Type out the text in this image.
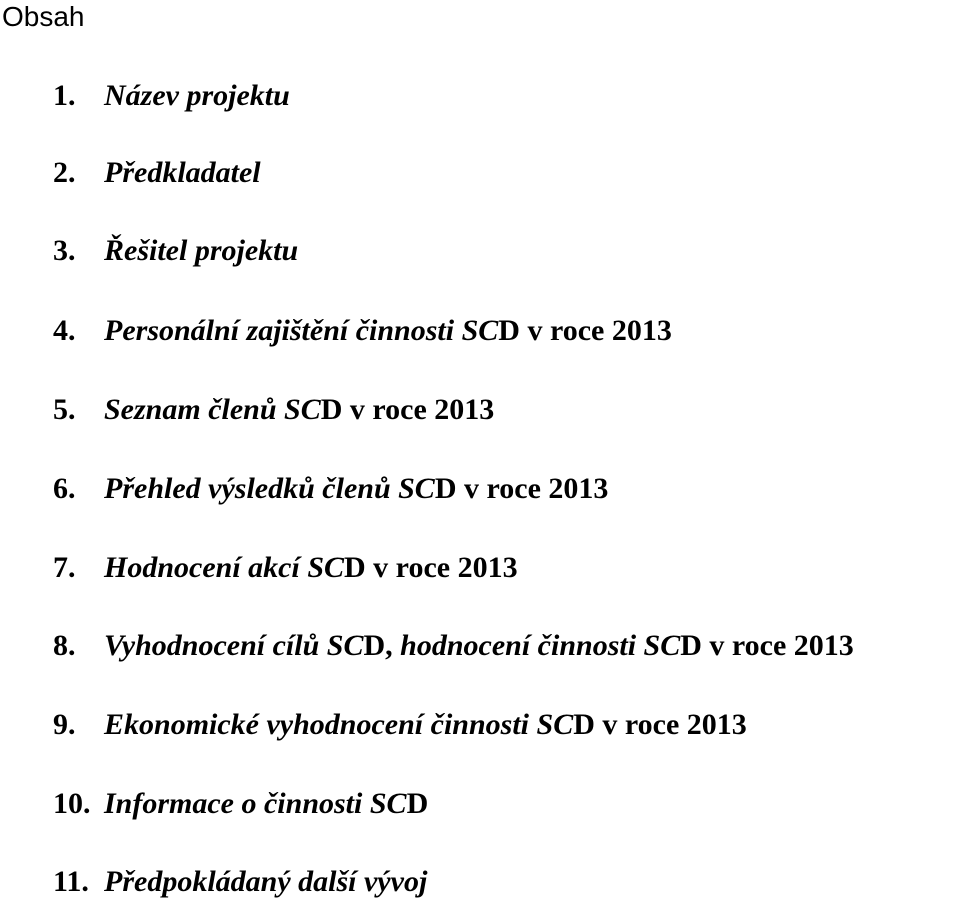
Obsah
1. Název projektu
2. Předkladatel
3. Řešitel projektu
4. Personální zajištění činnosti SCD v roce 2013
5. Seznam členů SCD v roce 2013
6. Přehled výsledků členů SCD v roce 2013
7. Hodnocení akcí SCD v roce 2013
8. Vyhodnocení cílů SCD, hodnocení činnosti SCD v roce 2013
9. Ekonomické vyhodnocení činnosti SCD v roce 2013
10. Informace o činnosti SCD
11. Předpokládaný další vývoj
